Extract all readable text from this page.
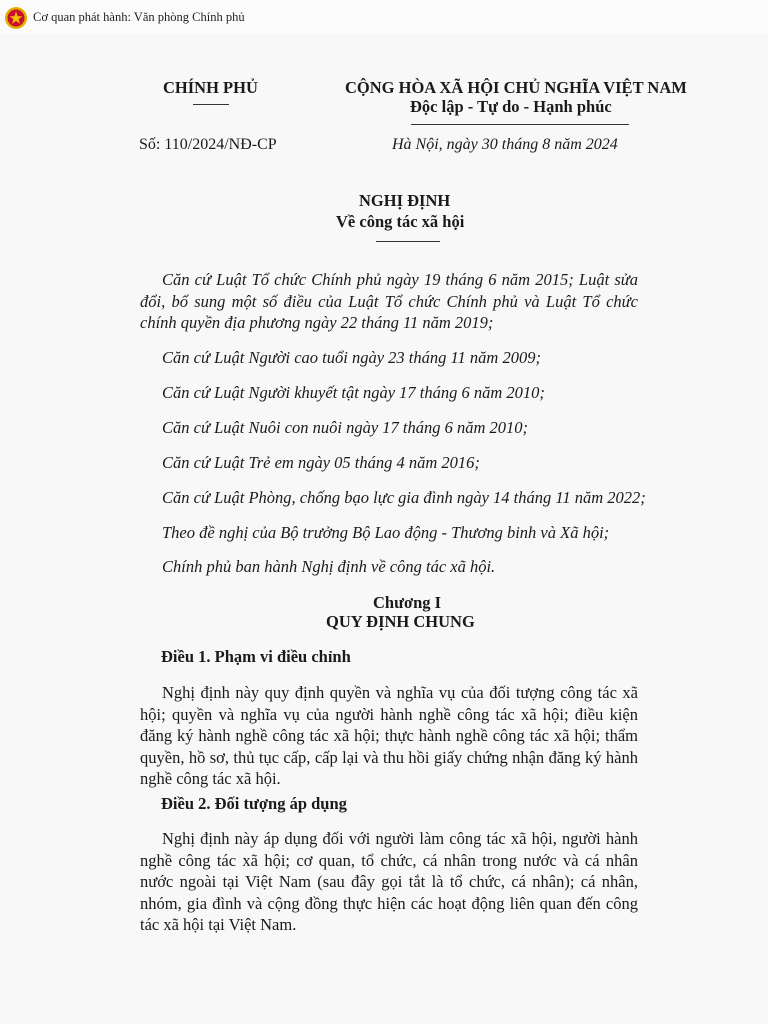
Cơ quan phát hành: Văn phòng Chính phủ
CHÍNH PHỦ	CỘNG HÒA XÃ HỘI CHỦ NGHĨA VIỆT NAM
Độc lập - Tự do - Hạnh phúc
Số: 110/2024/NĐ-CP	Hà Nội, ngày 30 tháng 8 năm 2024
NGHỊ ĐỊNH
Về công tác xã hội
Căn cứ Luật Tổ chức Chính phủ ngày 19 tháng 6 năm 2015; Luật sửa đổi, bổ sung một số điều của Luật Tổ chức Chính phủ và Luật Tổ chức chính quyền địa phương ngày 22 tháng 11 năm 2019;
Căn cứ Luật Người cao tuổi ngày 23 tháng 11 năm 2009;
Căn cứ Luật Người khuyết tật ngày 17 tháng 6 năm 2010;
Căn cứ Luật Nuôi con nuôi ngày 17 tháng 6 năm 2010;
Căn cứ Luật Trẻ em ngày 05 tháng 4 năm 2016;
Căn cứ Luật Phòng, chống bạo lực gia đình ngày 14 tháng 11 năm 2022;
Theo đề nghị của Bộ trưởng Bộ Lao động - Thương binh và Xã hội;
Chính phủ ban hành Nghị định về công tác xã hội.
Chương I
QUY ĐỊNH CHUNG
Điều 1. Phạm vi điều chỉnh
Nghị định này quy định quyền và nghĩa vụ của đối tượng công tác xã hội; quyền và nghĩa vụ của người hành nghề công tác xã hội; điều kiện đăng ký hành nghề công tác xã hội; thực hành nghề công tác xã hội; thẩm quyền, hồ sơ, thủ tục cấp, cấp lại và thu hồi giấy chứng nhận đăng ký hành nghề công tác xã hội.
Điều 2. Đối tượng áp dụng
Nghị định này áp dụng đối với người làm công tác xã hội, người hành nghề công tác xã hội; cơ quan, tổ chức, cá nhân trong nước và cá nhân nước ngoài tại Việt Nam (sau đây gọi tắt là tổ chức, cá nhân); cá nhân, nhóm, gia đình và cộng đồng thực hiện các hoạt động liên quan đến công tác xã hội tại Việt Nam.
